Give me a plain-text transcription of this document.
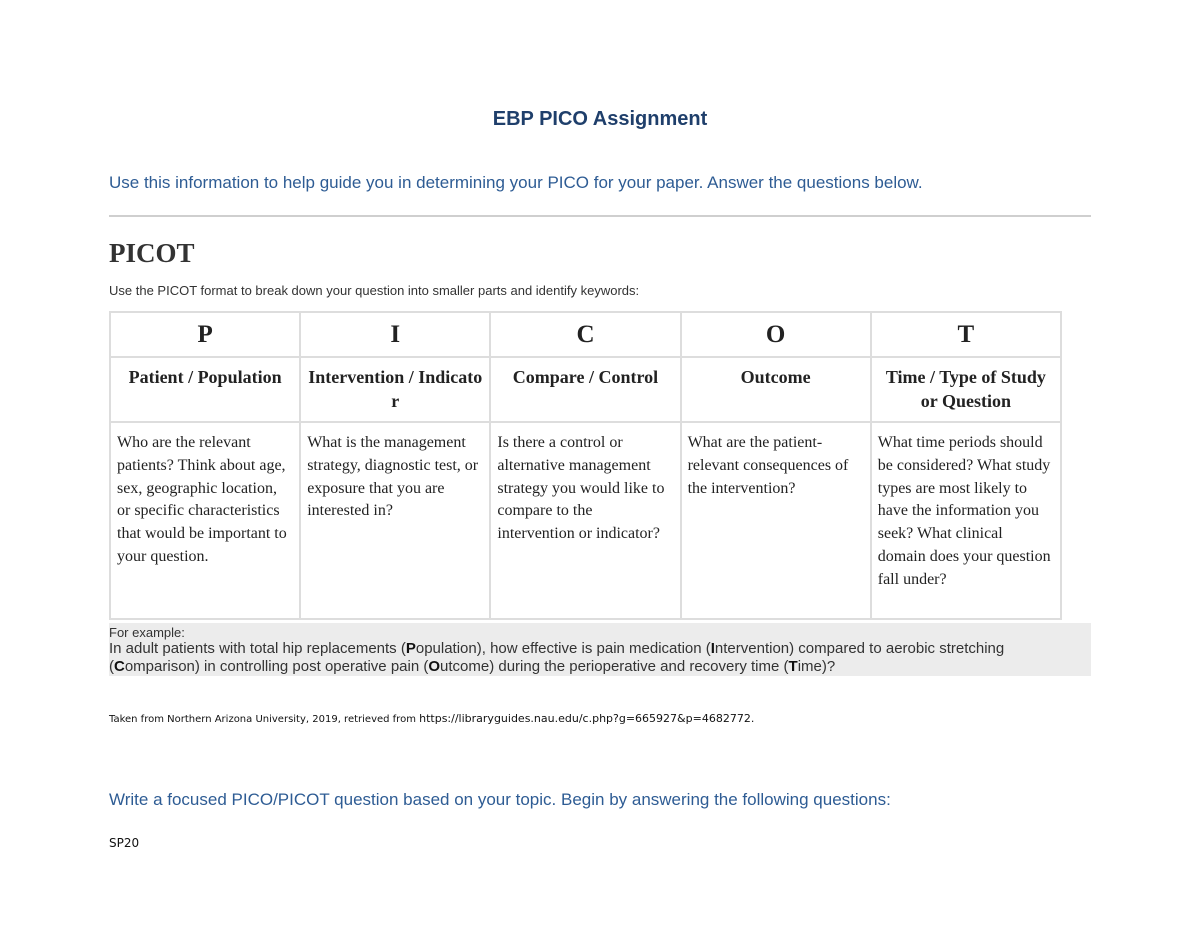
EBP PICO Assignment
Use this information to help guide you in determining your PICO for your paper. Answer the questions below.
PICOT
Use the PICOT format to break down your question into smaller parts and identify keywords:
P	I	C	O	T
Patient / Population	Intervention / Indicator	Compare / Control	Outcome	Time / Type of Study or Question
Who are the relevant patients? Think about age, sex, geographic location, or specific characteristics that would be important to your question.	What is the management strategy, diagnostic test, or exposure that you are interested in?	Is there a control or alternative management strategy you would like to compare to the intervention or indicator?	What are the patient-relevant consequences of the intervention?	What time periods should be considered? What study types are most likely to have the information you seek? What clinical domain does your question fall under?
For example:
In adult patients with total hip replacements (Population), how effective is pain medication (Intervention) compared to aerobic stretching (Comparison) in controlling post operative pain (Outcome) during the perioperative and recovery time (Time)?
Taken from Northern Arizona University, 2019, retrieved from https://libraryguides.nau.edu/c.php?g=665927&p=4682772.
Write a focused PICO/PICOT question based on your topic. Begin by answering the following questions:
SP20
